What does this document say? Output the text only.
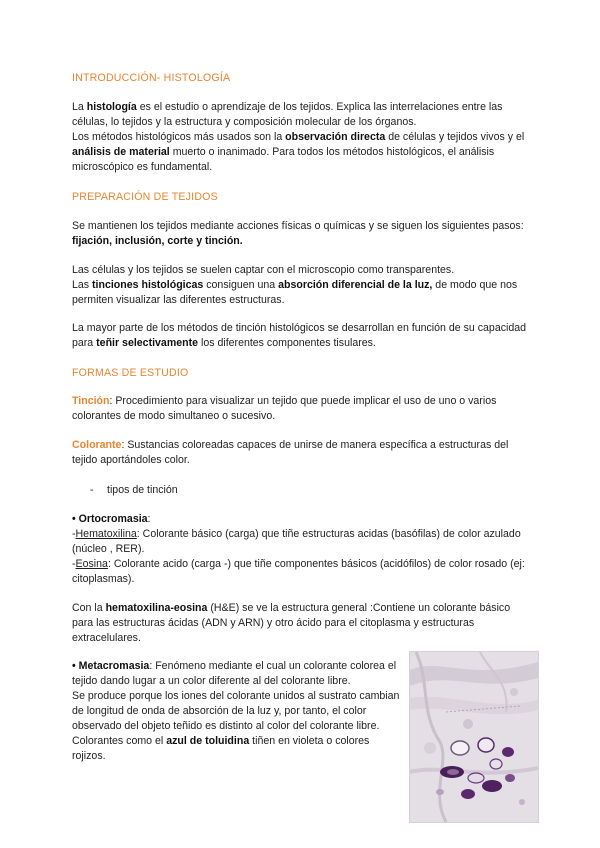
INTRODUCCIÓN- HISTOLOGÍA
La histología es el estudio o aprendizaje de los tejidos. Explica las interrelaciones entre las células, lo tejidos y la estructura y composición molecular de los órganos.
Los métodos histológicos más usados son la observación directa de células y tejidos vivos y el análisis de material muerto o inanimado. Para todos los métodos histológicos, el análisis microscópico es fundamental.
PREPARACIÓN DE TEJIDOS
Se mantienen los tejidos mediante acciones físicas o químicas y se siguen los siguientes pasos: fijación, inclusión, corte y tinción.
Las células y los tejidos se suelen captar con el microscopio como transparentes.
Las tinciones histológicas consiguen una absorción diferencial de la luz, de modo que nos permiten visualizar las diferentes estructuras.
La mayor parte de los métodos de tinción histológicos se desarrollan en función de su capacidad para teñir selectivamente los diferentes componentes tisulares.
FORMAS DE ESTUDIO
Tinción: Procedimiento para visualizar un tejido que puede implicar el uso de uno o varios colorantes de modo simultaneo o sucesivo.
Colorante: Sustancias coloreadas capaces de unirse de manera específica a estructuras del tejido aportándoles color.
- tipos de tinción
• Ortocromasia:
-Hematoxilina: Colorante básico (carga) que tiñe estructuras acidas (basófilas) de color azulado (núcleo , RER).
-Eosina: Colorante acido (carga -) que tiñe componentes básicos (acidófilos) de color rosado (ej: citoplasmas).
Con la hematoxilina-eosina (H&E) se ve la estructura general :Contiene un colorante básico para las estructuras ácidas (ADN y ARN) y otro ácido para el citoplasma y estructuras extracelulares.
• Metacromasia: Fenómeno mediante el cual un colorante colorea el tejido dando lugar a un color diferente al del colorante libre.
Se produce porque los iones del colorante unidos al sustrato cambian de longitud de onda de absorción de la luz y, por tanto, el color observado del objeto teñido es distinto al color del colorante libre.
Colorantes como el azul de toluidina tiñen en violeta o colores rojizos.
